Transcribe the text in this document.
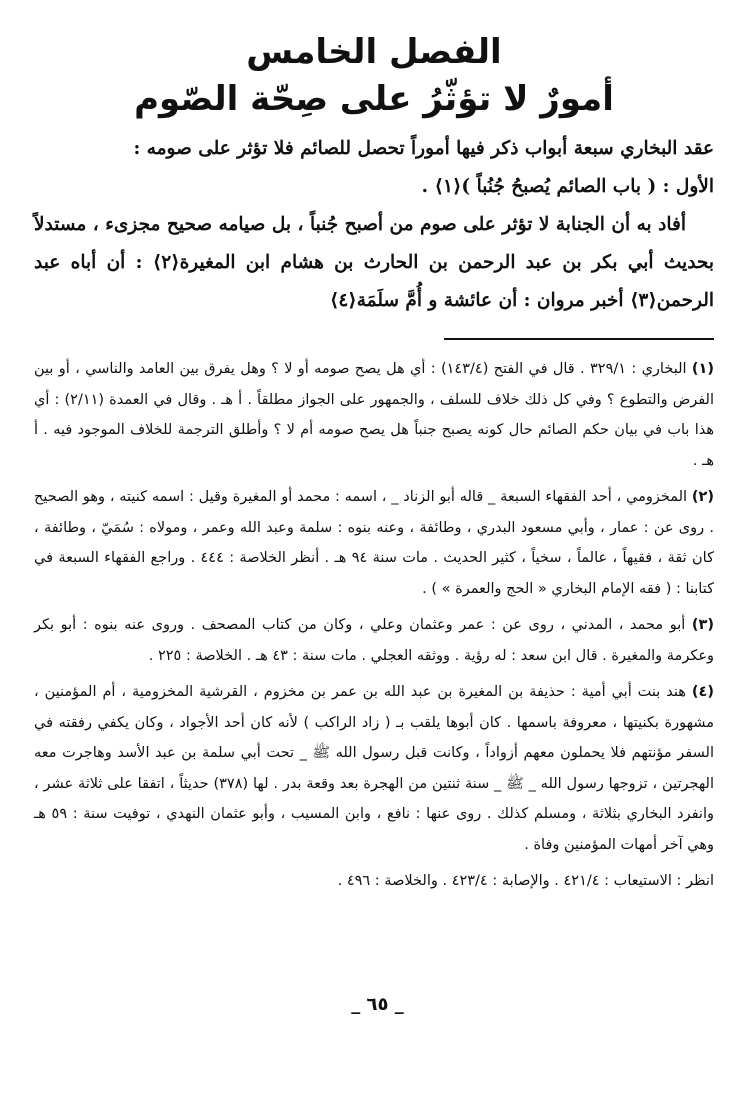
الفصل الخامس
أمورٌ لا تؤثّرُ على صِحّة الصّوم

عقد البخاري سبعة أبواب ذكر فيها أموراً تحصل للصائم فلا تؤثر على صومه :

الأول : ( باب الصائم يُصبحُ جُنُباً )⟨١⟩ .

أفاد به أن الجنابة لا تؤثر على صوم من أصبح جُنباً ، بل صيامه صحيح مجزىء ، مستدلاً بحديث أبي بكر بن عبد الرحمن بن الحارث بن هشام ابن المغيرة⟨٢⟩ : أن أباه عبد الرحمن⟨٣⟩ أخبر مروان : أن عائشة و أُمَّ سلَمَة⟨٤⟩

(١) البخاري : ٣٢٩/١ . قال في الفتح (١٤٣/٤) : أي هل يصح صومه أو لا ؟ وهل يفرق بين العامد والناسي ، أو بين الفرض والتطوع ؟ وفي كل ذلك خلاف للسلف ، والجمهور على الجواز مطلقاً . أ هـ . وقال في العمدة (٢/١١) : أي هذا باب في بيان حكم الصائم حال كونه يصبح جنباً هل يصح صومه أم لا ؟ وأطلق الترجمة للخلاف الموجود فيه . أ هـ .

(٢) المخزومي ، أحد الفقهاء السبعة _ قاله أبو الزناد _ ، اسمه : محمد أو المغيرة وقيل : اسمه كنيته ، وهو الصحيح . روى عن : عمار ، وأبي مسعود البدري ، وطائفة ، وعنه بنوه : سلمة وعبد الله وعمر ، ومولاه : سُمَيّ ، وطائفة ، كان ثقة ، فقيهاً ، عالماً ، سخياً ، كثير الحديث . مات سنة ٩٤ هـ . أنظر الخلاصة : ٤٤٤ . وراجع الفقهاء السبعة في كتابنا : ( فقه الإمام البخاري « الحج والعمرة » ) .

(٣) أبو محمد ، المدني ، روى عن : عمر وعثمان وعلي ، وكان من كتاب المصحف . وروى عنه بنوه : أبو بكر وعكرمة والمغيرة . قال ابن سعد : له رؤية . ووثقه العجلي . مات سنة : ٤٣ هـ . الخلاصة : ٢٢٥ .

(٤) هند بنت أبي أمية : حذيفة بن المغيرة بن عبد الله بن عمر بن مخزوم ، القرشية المخزومية ، أم المؤمنين ، مشهورة بكنيتها ، معروفة باسمها . كان أبوها يلقب بـ ( زاد الراكب ) لأنه كان أحد الأجواد ، وكان يكفي رفقته في السفر مؤنتهم فلا يحملون معهم أزواداً ، وكانت قبل رسول الله ﷺ _ تحت أبي سلمة بن عبد الأسد وهاجرت معه الهجرتين ، تزوجها رسول الله _ ﷺ _ سنة ثنتين من الهجرة بعد وقعة بدر . لها (٣٧٨) حديثاً ، اتفقا على ثلاثة عشر ، وانفرد البخاري بثلاثة ، ومسلم كذلك . روى عنها : نافع ، وابن المسيب ، وأبو عثمان النهدي ، توفيت سنة : ٥٩ هـ وهي آخر أمهات المؤمنين وفاة .

انظر : الاستيعاب : ٤٢١/٤ . والإصابة : ٤٢٣/٤ . والخلاصة : ٤٩٦ .

_ ٦٥ _
